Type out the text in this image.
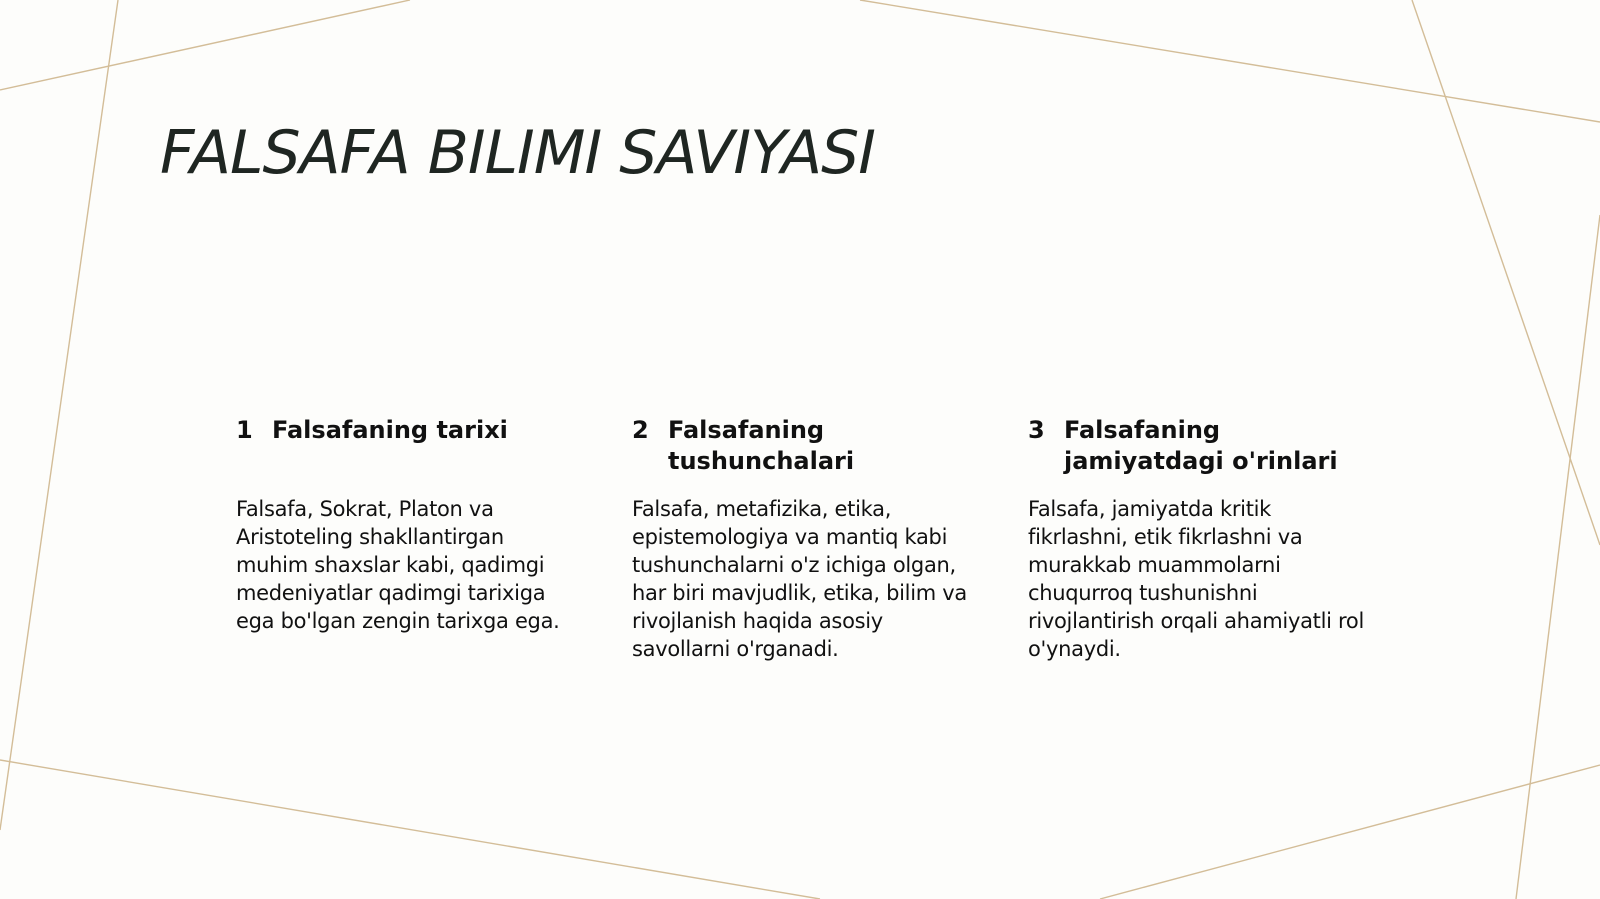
FALSAFA BILIMI SAVIYASI
1 Falsafaning tarixi

Falsafa, Sokrat, Platon va Aristoteling shakllantirgan muhim shaxslar kabi, qadimgi medeniyatlar qadimgi tarixiga ega bo'lgan zengin tarixga ega.

2 Falsafaning tushunchalari

Falsafa, metafizika, etika, epistemologiya va mantiq kabi tushunchalarni o'z ichiga olgan, har biri mavjudlik, etika, bilim va rivojlanish haqida asosiy savollarni o'rganadi.

3 Falsafaning jamiyatdagi o'rinlari

Falsafa, jamiyatda kritik fikrlashni, etik fikrlashni va murakkab muammolarni chuqurroq tushunishni rivojlantirish orqali ahamiyatli rol o'ynaydi.
